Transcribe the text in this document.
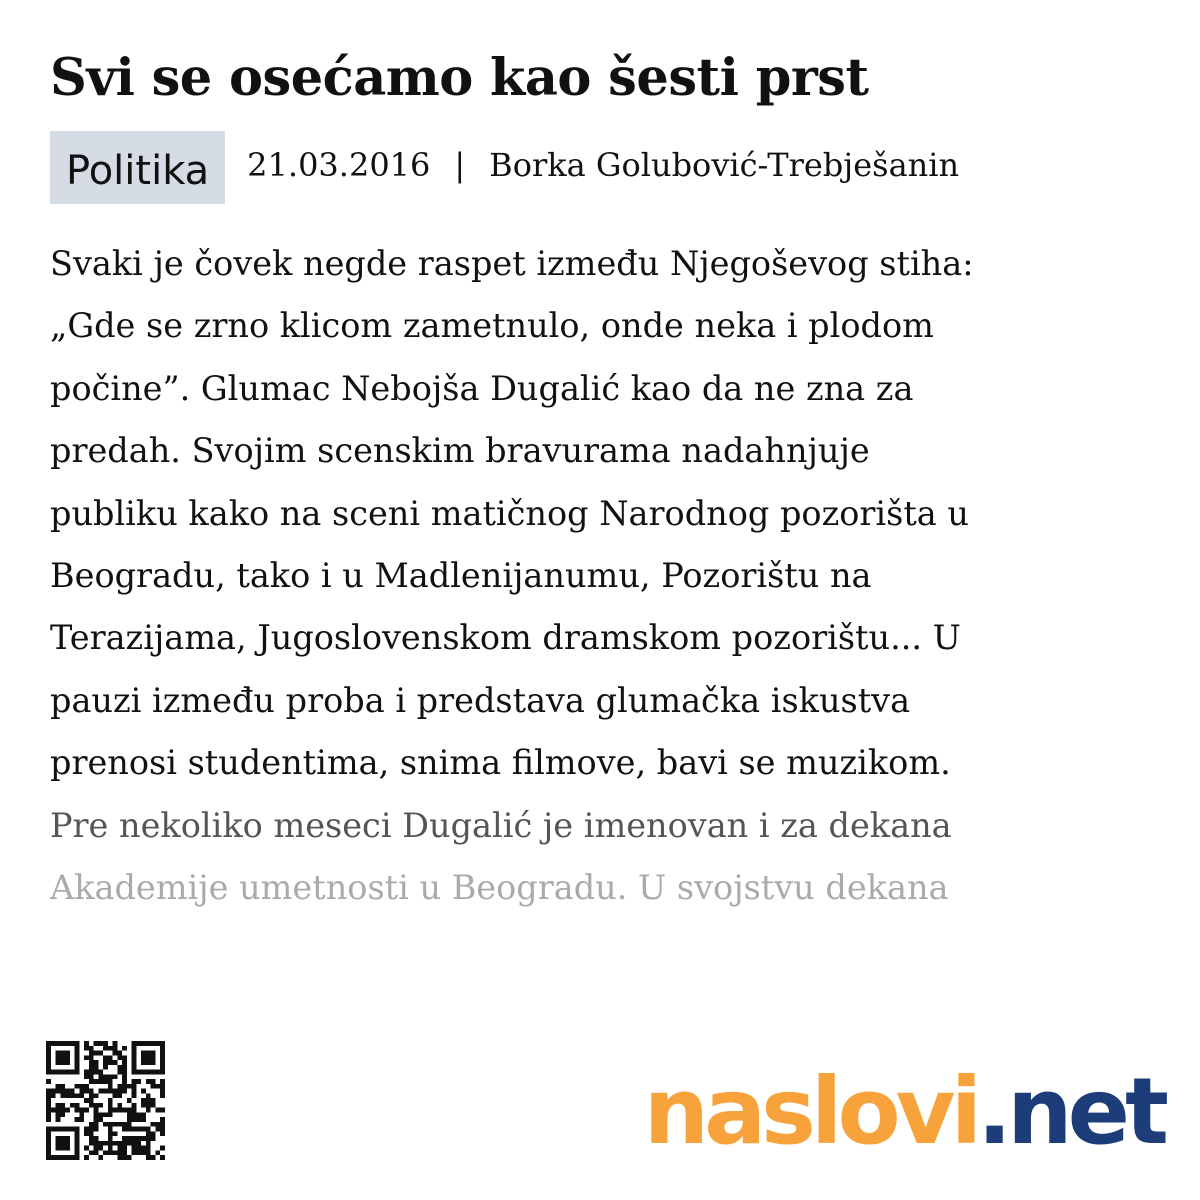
Svi se osećamo kao šesti prst
Politika	21.03.2016 | Borka Golubović-Trebješanin
Svaki je čovek negde raspet između Njegoševog stiha:
„Gde se zrno klicom zametnulo, onde neka i plodom
počine”. Glumac Nebojša Dugalić kao da ne zna za
predah. Svojim scenskim bravurama nadahnjuje
publiku kako na sceni matičnog Narodnog pozorišta u
Beogradu, tako i u Madlenijanumu, Pozorištu na
Terazijama, Jugoslovenskom dramskom pozorištu... U
pauzi između proba i predstava glumačka iskustva
prenosi studentima, snima filmove, bavi se muzikom.
Pre nekoliko meseci Dugalić je imenovan i za dekana
Akademije umetnosti u Beogradu. U svojstvu dekana
naslovi . net
